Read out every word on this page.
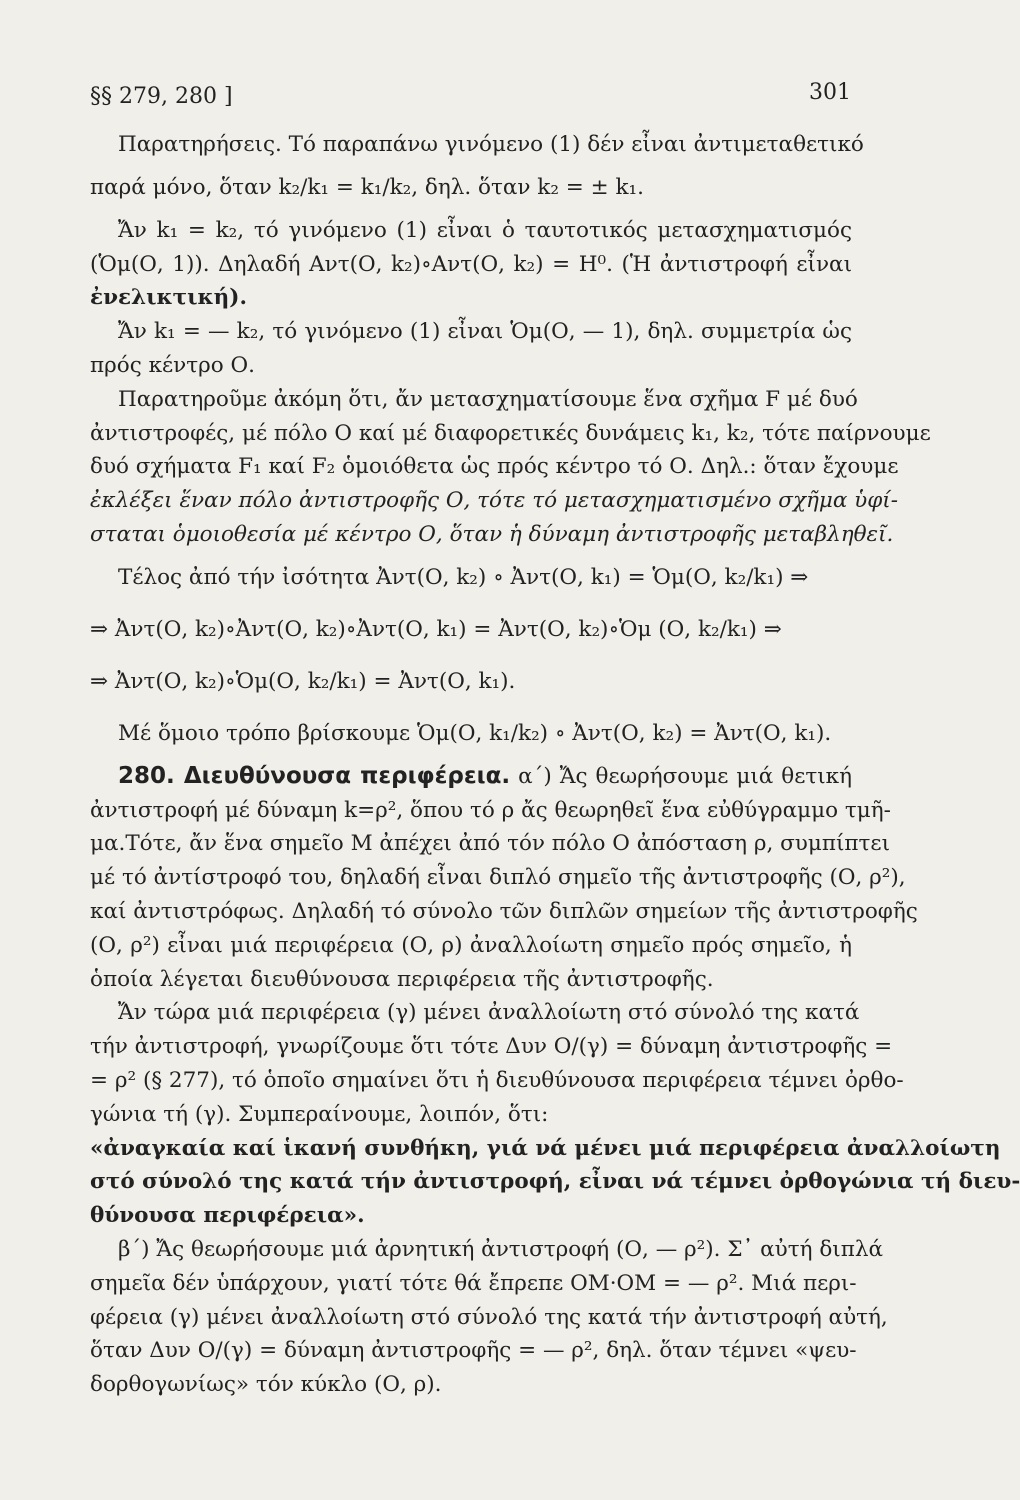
§§ 279, 280 ]	301
Παρατηρήσεις. Τό παραπάνω γινόμενο (1) δέν εἶναι ἀντιμεταθετικό
παρά μόνο, ὅταν k₂/k₁ = k₁/k₂, δηλ. ὅταν k₂ = ± k₁.
Ἄν k₁ = k₂, τό γινόμενο (1) εἶναι ὁ ταυτοτικός μετασχηματισμός
(Ὁμ(Ο, 1)). Δηλαδή Αντ(Ο, k₂)∘Αντ(Ο, k₂) = Η⁰. (Ἡ ἀντιστροφή εἶναι
ἐνελικτική).
Ἄν k₁ = — k₂, τό γινόμενο (1) εἶναι Ὁμ(Ο, — 1), δηλ. συμμετρία ὡς
πρός κέντρο Ο.
Παρατηροῦμε ἀκόμη ὅτι, ἄν μετασχηματίσουμε ἕνα σχῆμα F μέ δυό
ἀντιστροφές, μέ πόλο Ο καί μέ διαφορετικές δυνάμεις k₁, k₂, τότε παίρνουμε
δυό σχήματα F₁ καί F₂ ὁμοιόθετα ὡς πρός κέντρο τό Ο. Δηλ.: ὅταν ἔχουμε
ἐκλέξει ἕναν πόλο ἀντιστροφῆς Ο, τότε τό μετασχηματισμένο σχῆμα ὑφί-
σταται ὁμοιοθεσία μέ κέντρο Ο, ὅταν ἡ δύναμη ἀντιστροφῆς μεταβληθεῖ.
Τέλος ἀπό τήν ἰσότητα Ἀντ(Ο, k₂) ∘ Ἀντ(Ο, k₁) = Ὁμ(Ο, k₂/k₁) ⇒
⇒ Ἀντ(Ο, k₂)∘Ἀντ(Ο, k₂)∘Ἀντ(Ο, k₁) = Ἀντ(Ο, k₂)∘Ὁμ (Ο, k₂/k₁) ⇒
⇒ Ἀντ(Ο, k₂)∘Ὁμ(Ο, k₂/k₁) = Ἀντ(Ο, k₁).
Μέ ὅμοιο τρόπο βρίσκουμε Ὁμ(Ο, k₁/k₂) ∘ Ἀντ(Ο, k₂) = Ἀντ(Ο, k₁).
280. Διευθύνουσα περιφέρεια. α΄) Ἄς θεωρήσουμε μιά θετική
ἀντιστροφή μέ δύναμη k=ρ², ὅπου τό ρ ἄς θεωρηθεῖ ἕνα εὐθύγραμμο τμῆ-
μα.Τότε, ἄν ἕνα σημεῖο Μ ἀπέχει ἀπό τόν πόλο Ο ἀπόσταση ρ, συμπίπτει
μέ τό ἀντίστροφό του, δηλαδή εἶναι διπλό σημεῖο τῆς ἀντιστροφῆς (Ο, ρ²),
καί ἀντιστρόφως. Δηλαδή τό σύνολο τῶν διπλῶν σημείων τῆς ἀντιστροφῆς
(Ο, ρ²) εἶναι μιά περιφέρεια (Ο, ρ) ἀναλλοίωτη σημεῖο πρός σημεῖο, ἡ
ὁποία λέγεται διευθύνουσα περιφέρεια τῆς ἀντιστροφῆς.
Ἄν τώρα μιά περιφέρεια (γ) μένει ἀναλλοίωτη στό σύνολό της κατά
τήν ἀντιστροφή, γνωρίζουμε ὅτι τότε Δυν Ο/(γ) = δύναμη ἀντιστροφῆς =
= ρ² (§ 277), τό ὁποῖο σημαίνει ὅτι ἡ διευθύνουσα περιφέρεια τέμνει ὀρθο-
γώνια τή (γ). Συμπεραίνουμε, λοιπόν, ὅτι:
«ἀναγκαία καί ἱκανή συνθήκη, γιά νά μένει μιά περιφέρεια ἀναλλοίωτη
στό σύνολό της κατά τήν ἀντιστροφή, εἶναι νά τέμνει ὀρθογώνια τή διευ-
θύνουσα περιφέρεια».
β΄) Ἄς θεωρήσουμε μιά ἀρνητική ἀντιστροφή (Ο, — ρ²). Σ᾽ αὐτή διπλά
σημεῖα δέν ὑπάρχουν, γιατί τότε θά ἔπρεπε ΟΜ·ΟΜ = — ρ². Μιά περι-
φέρεια (γ) μένει ἀναλλοίωτη στό σύνολό της κατά τήν ἀντιστροφή αὐτή,
ὅταν Δυν Ο/(γ) = δύναμη ἀντιστροφῆς = — ρ², δηλ. ὅταν τέμνει «ψευ-
δορθογωνίως» τόν κύκλο (Ο, ρ).
